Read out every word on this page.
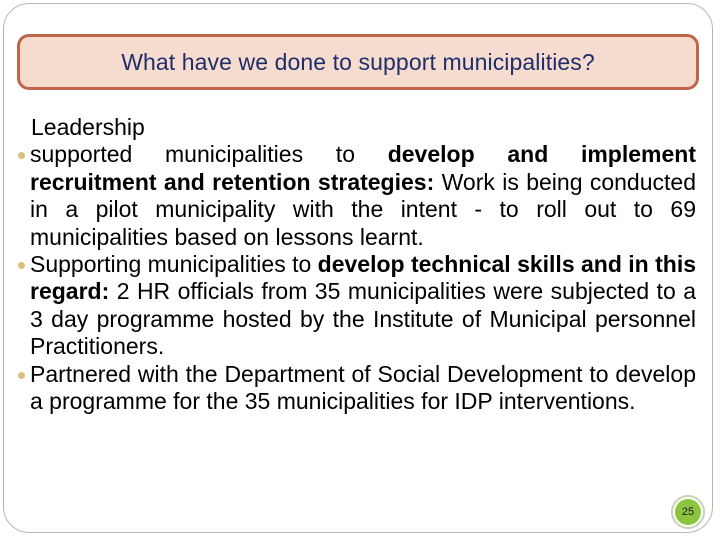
What have we done to support municipalities?
Leadership
supported municipalities to develop and implement recruitment and retention strategies: Work is being conducted in a pilot municipality with the intent - to roll out to 69 municipalities based on lessons learnt.
Supporting municipalities to develop technical skills and in this regard: 2 HR officials from 35 municipalities were subjected to a 3 day programme hosted by the Institute of Municipal personnel Practitioners.
Partnered with the Department of Social Development to develop a programme for the 35 municipalities for IDP interventions.
25
